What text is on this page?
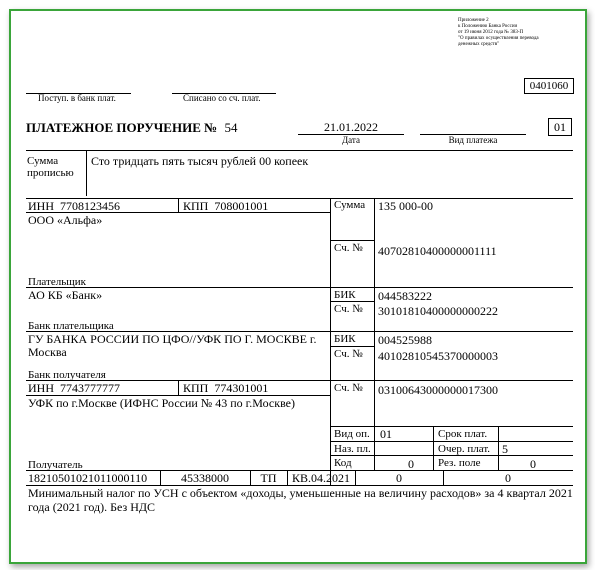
Приложение 2
к Положению Банка России
от 19 июня 2012 года № 383-П
"О правилах осуществления перевода
денежных средств"
0401060
Поступ. в банк плат.	Списано со сч. плат.
ПЛАТЕЖНОЕ ПОРУЧЕНИЕ № 54	21.01.2022
Дата	Вид платежа
01
Сумма
прописью
Сто тридцать пять тысяч рублей 00 копеек
ИНН 7708123456	КПП 708001001
ООО «Альфа»
Плательщик
Сумма 135 000-00
Сч. № 40702810400000001111
АО КБ «Банк»
Банк плательщика
БИК 044583222
Сч. № 30101810400000000222
ГУ БАНКА РОССИИ ПО ЦФО//УФК ПО Г. МОСКВЕ г.
Москва
Банк получателя
БИК 004525988
Сч. № 40102810545370000003
ИНН 7743777777	КПП 774301001
УФК по г.Москве (ИФНС России № 43 по г.Москве)
Получатель
Сч. № 03100643000000017300
Вид оп. 01
Наз. пл.
Код	0
Срок плат.
Очер. плат. 5
Рез. поле	0
18210501021011000110	45338000	ТП	КВ.04.2021	0	0
Минимальный налог по УСН с объектом «доходы, уменьшенные на величину расходов» за 4 квартал 2021
года (2021 год). Без НДС
